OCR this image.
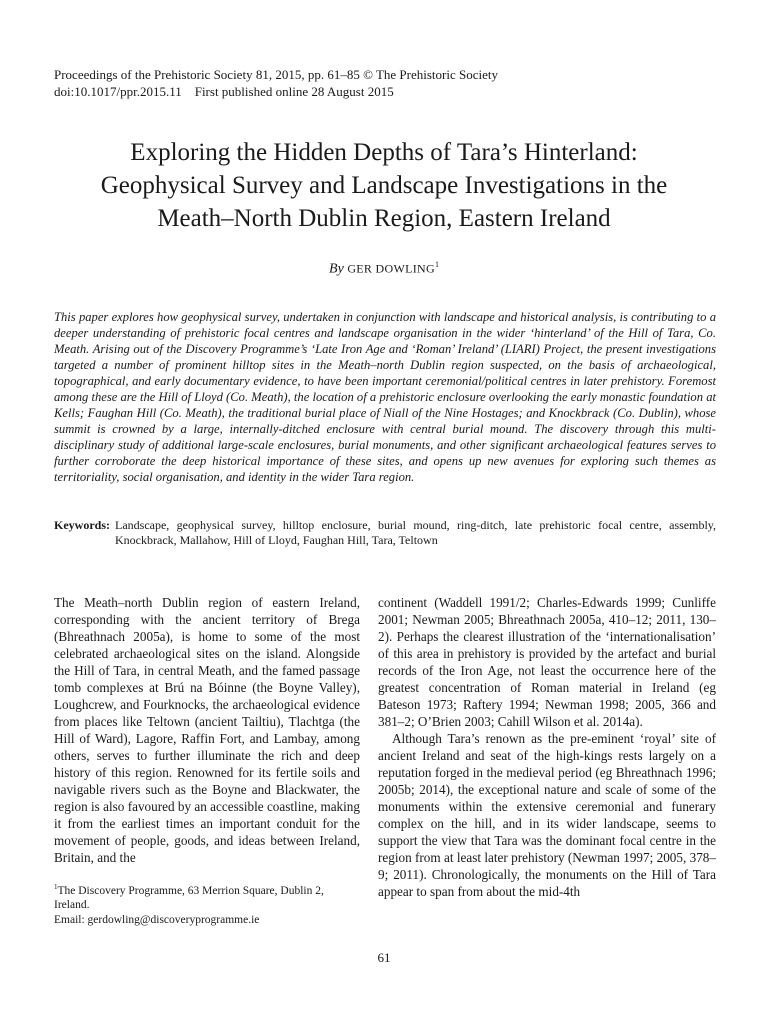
Proceedings of the Prehistoric Society 81, 2015, pp. 61–85 © The Prehistoric Society
doi:10.1017/ppr.2015.11    First published online 28 August 2015
Exploring the Hidden Depths of Tara’s Hinterland:
Geophysical Survey and Landscape Investigations in the
Meath–North Dublin Region, Eastern Ireland
By GER DOWLING$^1$

This paper explores how geophysical survey, undertaken in conjunction with landscape and historical analysis, is contributing to a deeper understanding of prehistoric focal centres and landscape organisation in the wider ‘hinterland’ of the Hill of Tara, Co. Meath. Arising out of the Discovery Programme’s ‘Late Iron Age and ‘Roman’ Ireland’ (LIARI) Project, the present investigations targeted a number of prominent hilltop sites in the Meath–north Dublin region suspected, on the basis of archaeological, topographical, and early documentary evidence, to have been important ceremonial/political centres in later prehistory. Foremost among these are the Hill of Lloyd (Co. Meath), the location of a prehistoric enclosure overlooking the early monastic foundation at Kells; Faughan Hill (Co. Meath), the traditional burial place of Niall of the Nine Hostages; and Knockbrack (Co. Dublin), whose summit is crowned by a large, internally-ditched enclosure with central burial mound. The discovery through this multi-disciplinary study of additional large-scale enclosures, burial monuments, and other significant archaeological features serves to further corroborate the deep historical importance of these sites, and opens up new avenues for exploring such themes as territoriality, social organisation, and identity in the wider Tara region.

Keywords: Landscape, geophysical survey, hilltop enclosure, burial mound, ring-ditch, late prehistoric focal centre, assembly, Knockbrack, Mallahow, Hill of Lloyd, Faughan Hill, Tara, Teltown

The Meath–north Dublin region of eastern Ireland, corresponding with the ancient territory of Brega (Bhreathnach 2005a), is home to some of the most celebrated archaeological sites on the island. Alongside the Hill of Tara, in central Meath, and the famed passage tomb complexes at Brú na Bóinne (the Boyne Valley), Loughcrew, and Fourknocks, the archaeological evidence from places like Teltown (ancient Tailtiu), Tlachtga (the Hill of Ward), Lagore, Raffin Fort, and Lambay, among others, serves to further illuminate the rich and deep history of this region. Renowned for its fertile soils and navigable rivers such as the Boyne and Blackwater, the region is also favoured by an accessible coastline, making it from the earliest times an important conduit for the movement of people, goods, and ideas between Ireland, Britain, and the

continent (Waddell 1991/2; Charles-Edwards 1999; Cunliffe 2001; Newman 2005; Bhreathnach 2005a, 410–12; 2011, 130–2). Perhaps the clearest illustration of the ‘internationalisation’ of this area in prehistory is provided by the artefact and burial records of the Iron Age, not least the occurrence here of the greatest concentration of Roman material in Ireland (eg Bateson 1973; Raftery 1994; Newman 1998; 2005, 366 and 381–2; O’Brien 2003; Cahill Wilson et al. 2014a).

Although Tara’s renown as the pre-eminent ‘royal’ site of ancient Ireland and seat of the high-kings rests largely on a reputation forged in the medieval period (eg Bhreathnach 1996; 2005b; 2014), the exceptional nature and scale of some of the monuments within the extensive ceremonial and funerary complex on the hill, and in its wider landscape, seems to support the view that Tara was the dominant focal centre in the region from at least later prehistory (Newman 1997; 2005, 378–9; 2011). Chronologically, the monuments on the Hill of Tara appear to span from about the mid-4th

$^1$The Discovery Programme, 63 Merrion Square, Dublin 2, Ireland.
Email: gerdowling@discoveryprogramme.ie
61
